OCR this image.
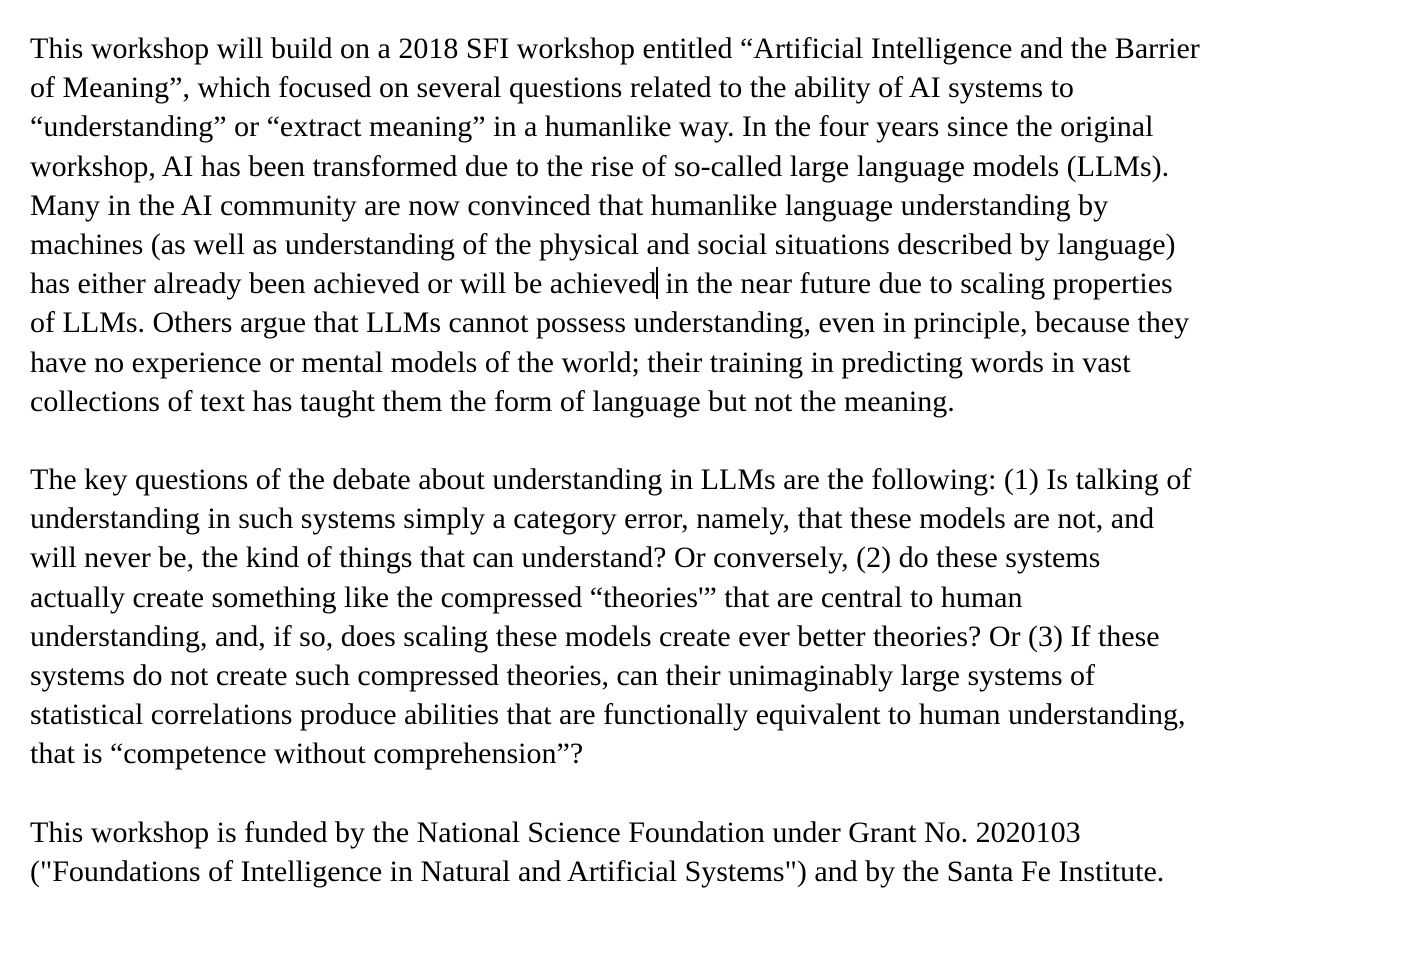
This workshop will build on a 2018 SFI workshop entitled “Artificial Intelligence and the Barrier
of Meaning”, which focused on several questions related to the ability of AI systems to
“understanding” or “extract meaning” in a humanlike way. In the four years since the original
workshop, AI has been transformed due to the rise of so-called large language models (LLMs).
Many in the AI community are now convinced that humanlike language understanding by
machines (as well as understanding of the physical and social situations described by language)
has either already been achieved or will be achieved in the near future due to scaling properties
of LLMs. Others argue that LLMs cannot possess understanding, even in principle, because they
have no experience or mental models of the world; their training in predicting words in vast
collections of text has taught them the form of language but not the meaning.
The key questions of the debate about understanding in LLMs are the following: (1) Is talking of
understanding in such systems simply a category error, namely, that these models are not, and
will never be, the kind of things that can understand? Or conversely, (2) do these systems
actually create something like the compressed “theories'” that are central to human
understanding, and, if so, does scaling these models create ever better theories? Or (3) If these
systems do not create such compressed theories, can their unimaginably large systems of
statistical correlations produce abilities that are functionally equivalent to human understanding,
that is “competence without comprehension”?
This workshop is funded by the National Science Foundation under Grant No. 2020103
("Foundations of Intelligence in Natural and Artificial Systems") and by the Santa Fe Institute.
